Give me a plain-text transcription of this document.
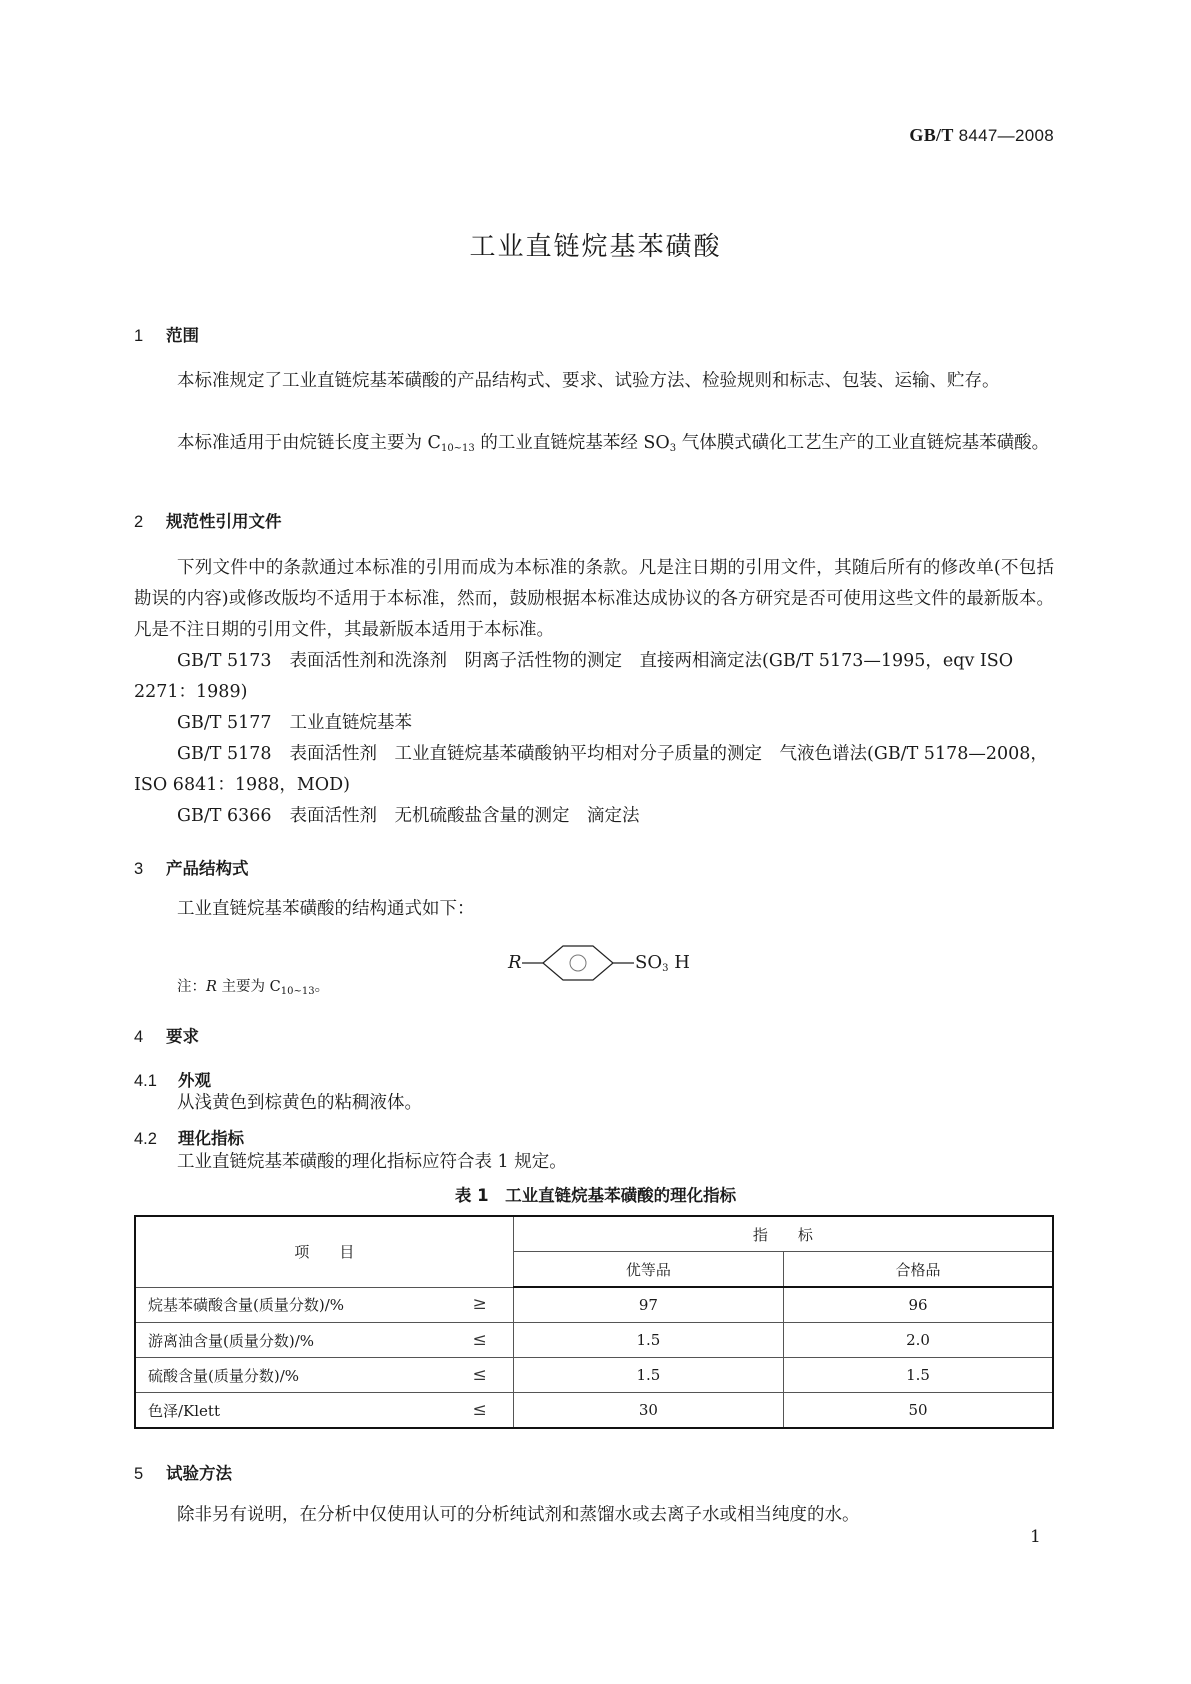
GB/T 8447—2008
工业直链烷基苯磺酸
1 范围
本标准规定了工业直链烷基苯磺酸的产品结构式、要求、试验方法、检验规则和标志、包装、运输、贮存。
本标准适用于由烷链长度主要为 $C_{10\sim 13}$ 的工业直链烷基苯经 $SO_3$ 气体膜式磺化工艺生产的工业直链烷基苯磺酸。
2 规范性引用文件
下列文件中的条款通过本标准的引用而成为本标准的条款。凡是注日期的引用文件，其随后所有的修改单(不包括勘误的内容)或修改版均不适用于本标准，然而，鼓励根据本标准达成协议的各方研究是否可使用这些文件的最新版本。凡是不注日期的引用文件，其最新版本适用于本标准。
GB/T 5173 表面活性剂和洗涤剂　阴离子活性物的测定　直接两相滴定法(GB/T 5173—1995，eqv ISO 2271：1989)
GB/T 5177 工业直链烷基苯
GB/T 5178 表面活性剂　工业直链烷基苯磺酸钠平均相对分子质量的测定　气液色谱法(GB/T 5178—2008，ISO 6841：1988，MOD)
GB/T 6366 表面活性剂　无机硫酸盐含量的测定　滴定法
3 产品结构式
工业直链烷基苯磺酸的结构通式如下：
R	$SO_3$ H
注：R 主要为 $C_{10\sim 13}$。
4 要求
4.1 外观
从浅黄色到棕黄色的粘稠液体。
4.2 理化指标
工业直链烷基苯磺酸的理化指标应符合表 1 规定。
表 1　工业直链烷基苯磺酸的理化指标
项　　目	指　　标	
	优等品	合格品
烷基苯磺酸含量(质量分数)/% ≥	97	96
游离油含量(质量分数)/% ≤	1.5	2.0
硫酸含量(质量分数)/% ≤	1.5	1.5
色泽/Klett ≤	30	50
5 试验方法
除非另有说明，在分析中仅使用认可的分析纯试剂和蒸馏水或去离子水或相当纯度的水。
1
